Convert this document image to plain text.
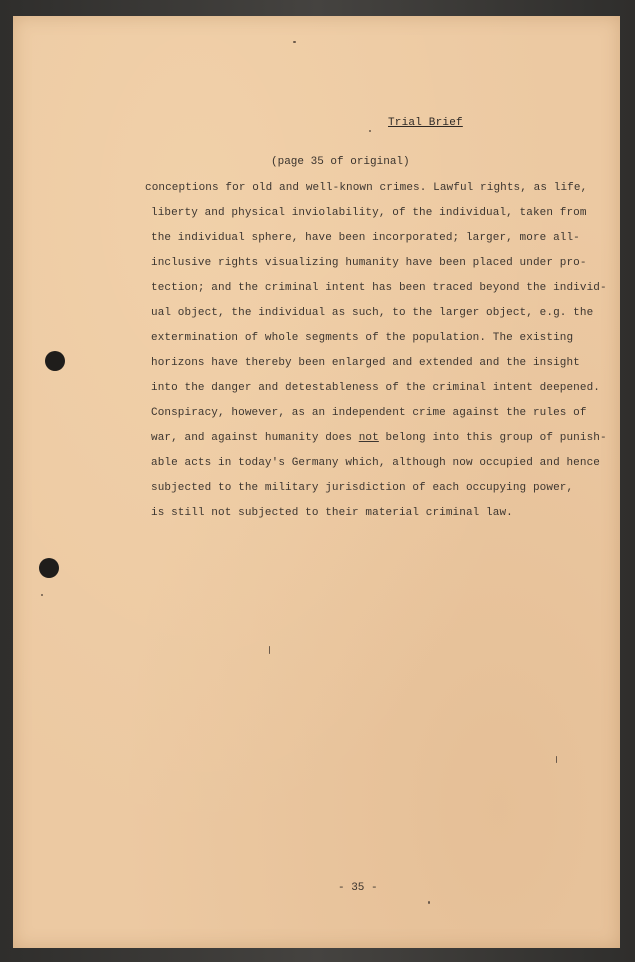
Trial Brief
(page 35 of original)
conceptions for old and well-known crimes. Lawful rights, as life,
liberty and physical inviolability, of the individual, taken from
the individual sphere, have been incorporated; larger, more all-
inclusive rights visualizing humanity have been placed under pro-
tection; and the criminal intent has been traced beyond the individ-
ual object, the individual as such, to the larger object, e.g. the
extermination of whole segments of the population. The existing
horizons have thereby been enlarged and extended and the insight
into the danger and detestableness of the criminal intent deepened.
Conspiracy, however, as an independent crime against the rules of
war, and against humanity does not belong into this group of punish-
able acts in today's Germany which, although now occupied and hence
subjected to the military jurisdiction of each occupying power,
is still not subjected to their material criminal law.
- 35 -
